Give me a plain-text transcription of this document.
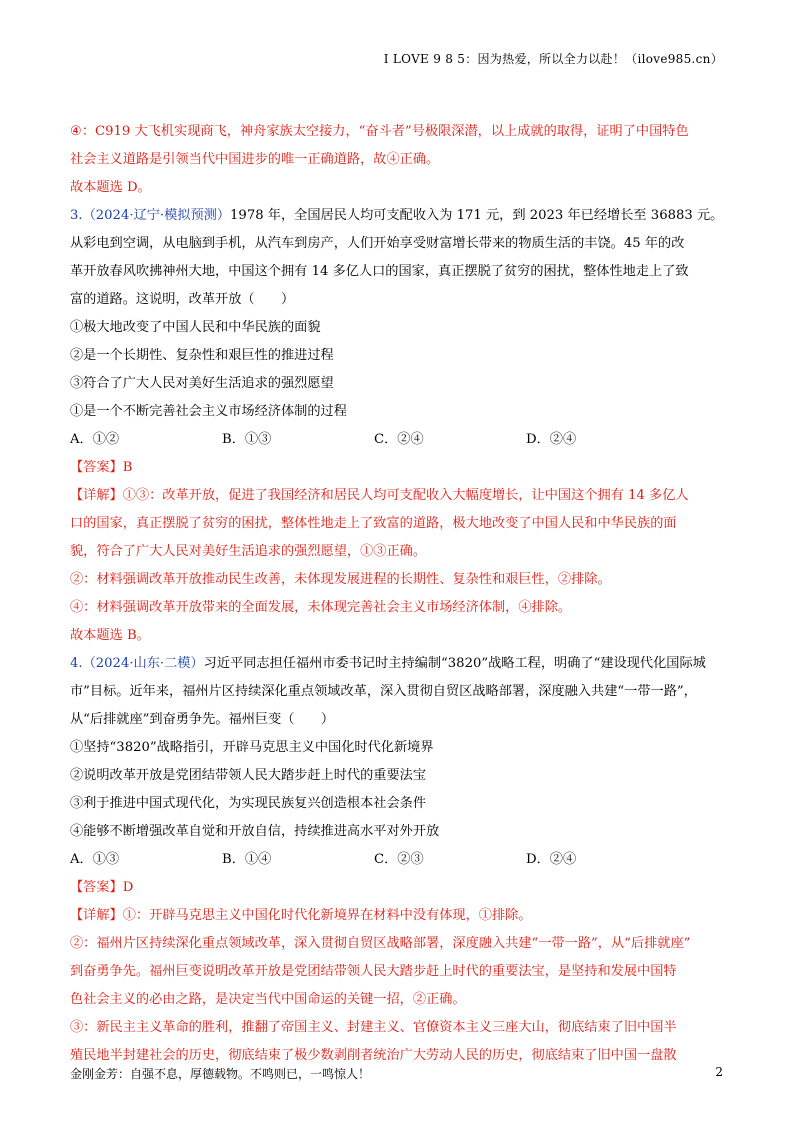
I LOVE 9 8 5：因为热爱，所以全力以赴！（ilove985.cn）

④：C919 大飞机实现商飞，神舟家族太空接力，“奋斗者”号极限深潜，以上成就的取得，证明了中国特色

社会主义道路是引领当代中国进步的唯一正确道路，故④正确。

故本题选 D。

3.（2024·辽宁·模拟预测）1978 年，全国居民人均可支配收入为 171 元，到 2023 年已经增长至 36883 元。

从彩电到空调，从电脑到手机，从汽车到房产，人们开始享受财富增长带来的物质生活的丰饶。45 年的改

革开放春风吹拂神州大地，中国这个拥有 14 多亿人口的国家，真正摆脱了贫穷的困扰，整体性地走上了致

富的道路。这说明，改革开放（　　）

①极大地改变了中国人民和中华民族的面貌

②是一个长期性、复杂性和艰巨性的推进过程

③符合了广大人民对美好生活追求的强烈愿望

①是一个不断完善社会主义市场经济体制的过程

A．①②	B．①③	C．②④	D．②④

【答案】B

【详解】①③：改革开放，促进了我国经济和居民人均可支配收入大幅度增长，让中国这个拥有 14 多亿人

口的国家，真正摆脱了贫穷的困扰，整体性地走上了致富的道路，极大地改变了中国人民和中华民族的面

貌，符合了广大人民对美好生活追求的强烈愿望，①③正确。

②：材料强调改革开放推动民生改善，未体现发展进程的长期性、复杂性和艰巨性，②排除。

④：材料强调改革开放带来的全面发展，未体现完善社会主义市场经济体制，④排除。

故本题选 B。

4.（2024·山东·二模）习近平同志担任福州市委书记时主持编制“3820”战略工程，明确了“建设现代化国际城

市”目标。近年来，福州片区持续深化重点领域改革，深入贯彻自贸区战略部署，深度融入共建“一带一路”，

从“后排就座”到奋勇争先。福州巨变（　　）

①坚持“3820”战略指引，开辟马克思主义中国化时代化新境界

②说明改革开放是党团结带领人民大踏步赶上时代的重要法宝

③利于推进中国式现代化，为实现民族复兴创造根本社会条件

④能够不断增强改革自觉和开放自信，持续推进高水平对外开放

A．①③	B．①④	C．②③	D．②④

【答案】D

【详解】①：开辟马克思主义中国化时代化新境界在材料中没有体现，①排除。

②：福州片区持续深化重点领域改革，深入贯彻自贸区战略部署，深度融入共建“一带一路”，从“后排就座”

到奋勇争先。福州巨变说明改革开放是党团结带领人民大踏步赶上时代的重要法宝，是坚持和发展中国特

色社会主义的必由之路，是决定当代中国命运的关键一招，②正确。

③：新民主主义革命的胜利，推翻了帝国主义、封建主义、官僚资本主义三座大山，彻底结束了旧中国半

殖民地半封建社会的历史，彻底结束了极少数剥削者统治广大劳动人民的历史，彻底结束了旧中国一盘散

金刚金芳：自强不息，厚德载物。不鸣则已，一鸣惊人！	2
